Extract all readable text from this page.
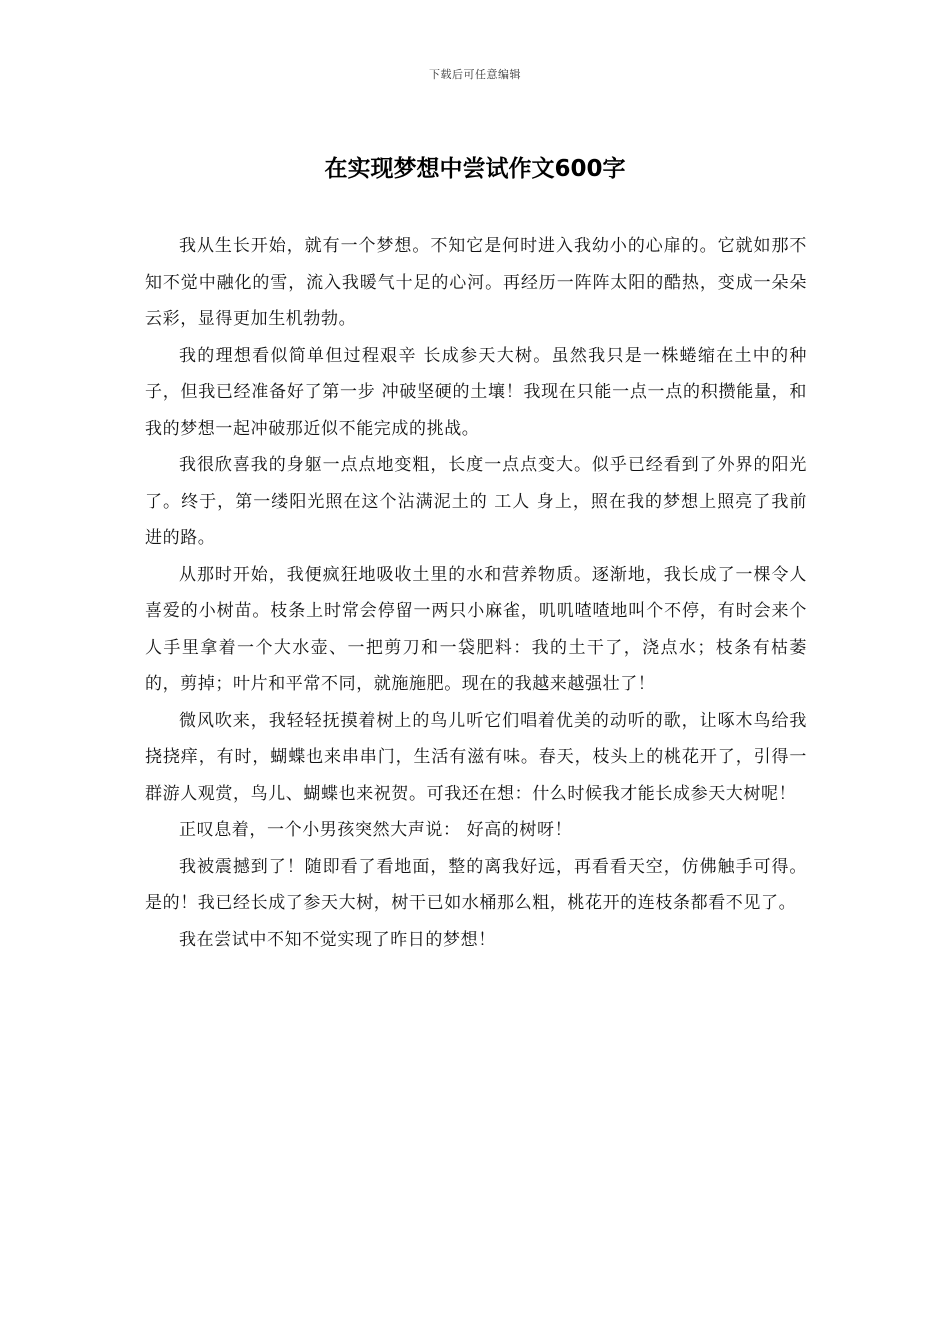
下载后可任意编辑
在实现梦想中尝试作文600字

我从生长开始，就有一个梦想。不知它是何时进入我幼小的心扉的。它就如那不知不觉中融化的雪，流入我暖气十足的心河。再经历一阵阵太阳的酷热，变成一朵朵云彩，显得更加生机勃勃。

我的理想看似简单但过程艰辛 长成参天大树。虽然我只是一株蜷缩在土中的种子，但我已经准备好了第一步 冲破坚硬的土壤！我现在只能一点一点的积攒能量，和我的梦想一起冲破那近似不能完成的挑战。

我很欣喜我的身躯一点点地变粗，长度一点点变大。似乎已经看到了外界的阳光了。终于，第一缕阳光照在这个沾满泥土的 工人 身上，照在我的梦想上照亮了我前进的路。

从那时开始，我便疯狂地吸收土里的水和营养物质。逐渐地，我长成了一棵令人喜爱的小树苗。枝条上时常会停留一两只小麻雀，叽叽喳喳地叫个不停，有时会来个人手里拿着一个大水壶、一把剪刀和一袋肥料：我的土干了，浇点水；枝条有枯萎的，剪掉；叶片和平常不同，就施施肥。现在的我越来越强壮了！

微风吹来，我轻轻抚摸着树上的鸟儿听它们唱着优美的动听的歌，让啄木鸟给我挠挠痒，有时，蝴蝶也来串串门，生活有滋有味。春天，枝头上的桃花开了，引得一群游人观赏，鸟儿、蝴蝶也来祝贺。可我还在想：什么时候我才能长成参天大树呢！

正叹息着，一个小男孩突然大声说： 好高的树呀！

我被震撼到了！随即看了看地面，整的离我好远，再看看天空，仿佛触手可得。是的！我已经长成了参天大树，树干已如水桶那么粗，桃花开的连枝条都看不见了。

我在尝试中不知不觉实现了昨日的梦想！
